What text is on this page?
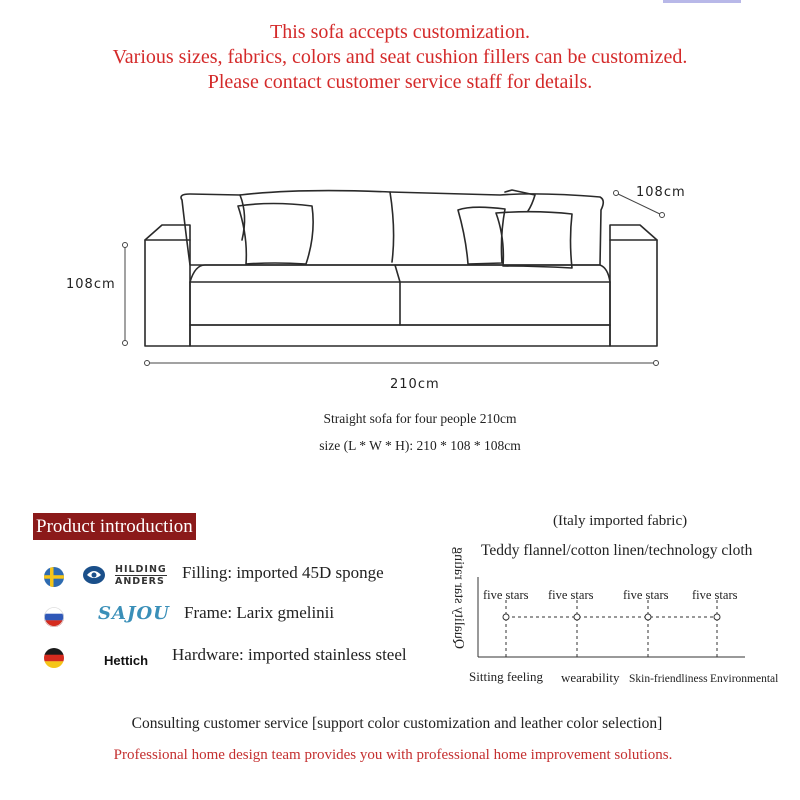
This sofa accepts customization.
Various sizes, fabrics, colors and seat cushion fillers can be customized.
Please contact customer service staff for details.
108cm
108cm
210cm
Straight sofa for four people 210cm
size (L * W * H): 210 * 108 * 108cm
Product introduction
HILDING
ANDERS Filling: imported 45D sponge
SAJOU Frame: Larix gmelinii
Hettich Hardware: imported stainless steel
(Italy imported fabric)
Teddy flannel/cotton linen/technology cloth
Quality star rating five stars five stars five stars five stars
Sitting feeling wearability Skin-friendliness Environmental
Consulting customer service [support color customization and leather color selection]
Professional home design team provides you with professional home improvement solutions.
